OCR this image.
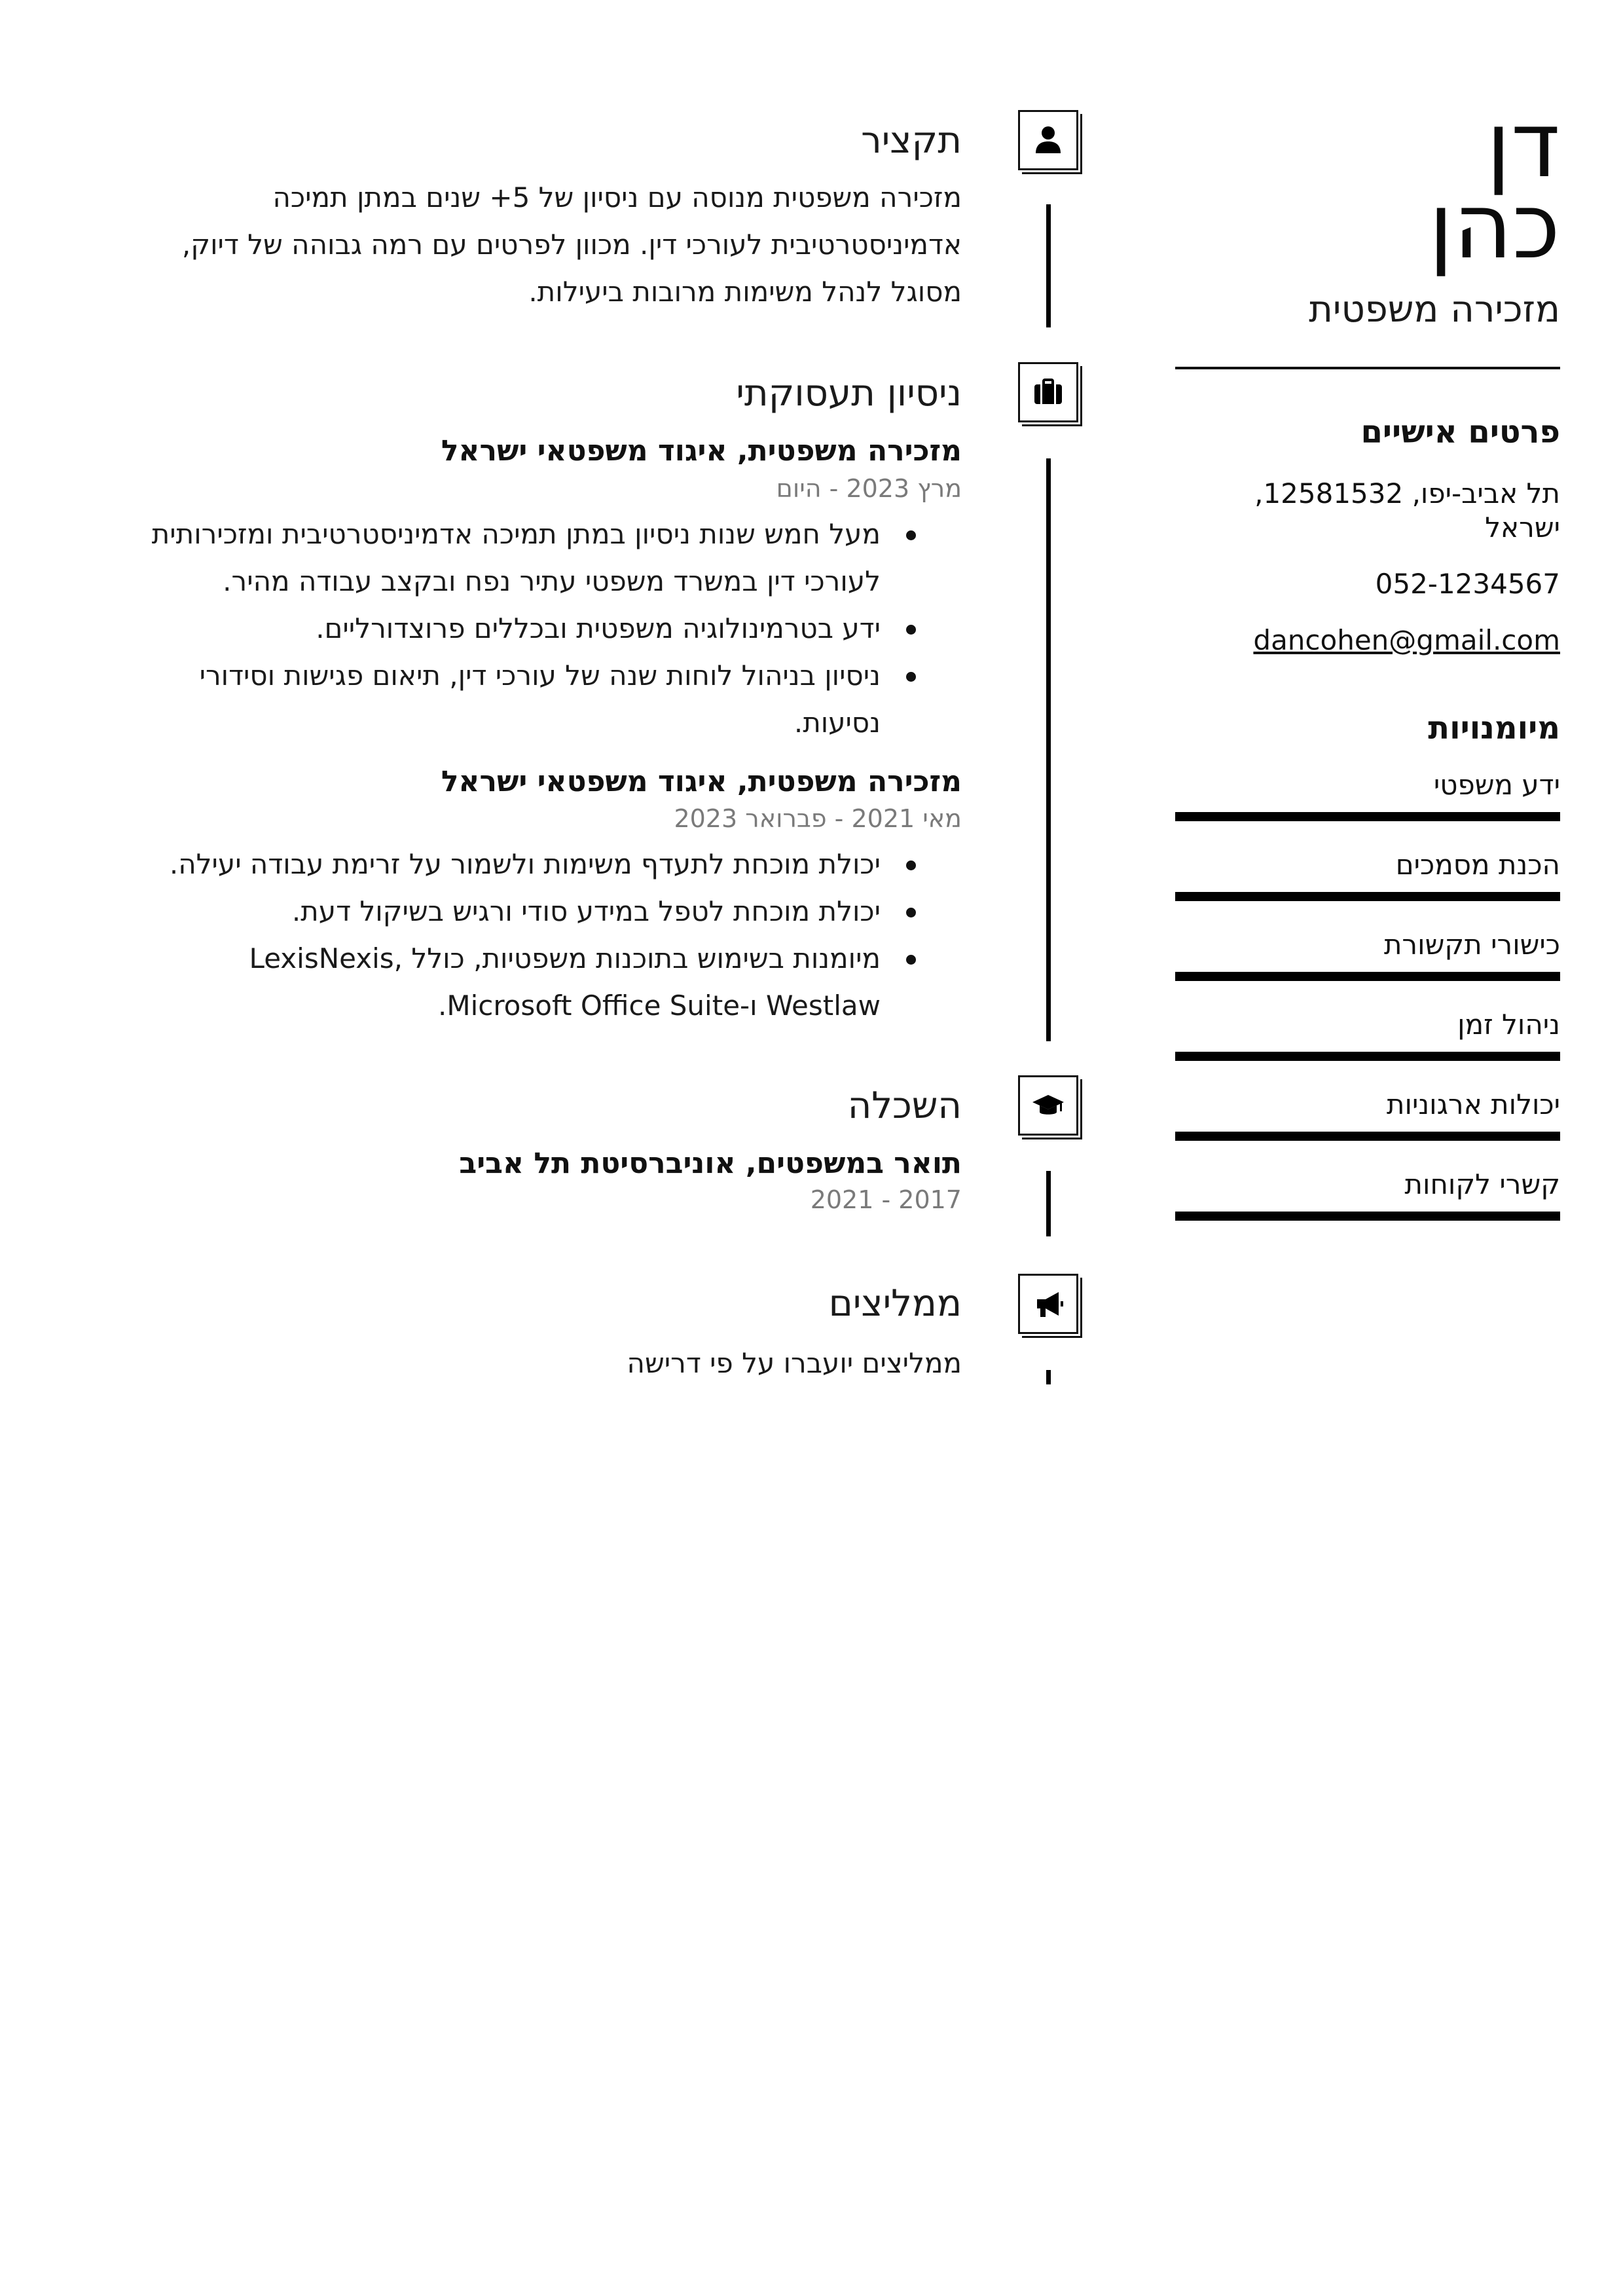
דן
כהן
מזכירה משפטית
פרטים אישיים
תל אביב-יפו, 12581532, ישראל
052-1234567
dancohen@gmail.com
מיומנויות
ידע משפטי
הכנת מסמכים
כישורי תקשורת
ניהול זמן
יכולות ארגוניות
קשרי לקוחות
תקציר
מזכירה משפטית מנוסה עם ניסיון של 5+ שנים במתן תמיכה אדמיניסטרטיבית לעורכי דין. מכוון לפרטים עם רמה גבוהה של דיוק, מסוגל לנהל משימות מרובות ביעילות.
ניסיון תעסוקתי
מזכירה משפטית, איגוד משפטאי ישראל
מרץ 2023 - היום
מעל חמש שנות ניסיון במתן תמיכה אדמיניסטרטיבית ומזכירותית לעורכי דין במשרד משפטי עתיר נפח ובקצב עבודה מהיר.
ידע בטרמינולוגיה משפטית ובכללים פרוצדורליים.
ניסיון בניהול לוחות שנה של עורכי דין, תיאום פגישות וסידורי נסיעות.
מזכירה משפטית, איגוד משפטאי ישראל
מאי 2021 - פברואר 2023
יכולת מוכחת לתעדף משימות ולשמור על זרימת עבודה יעילה.
יכולת מוכחת לטפל במידע סודי ורגיש בשיקול דעת.
מיומנות בשימוש בתוכנות משפטיות, כולל LexisNexis, Westlaw ו-Microsoft Office Suite.
השכלה
תואר במשפטים, אוניברסיטת תל אביב
2017 - 2021
ממליצים
ממליצים יועברו על פי דרישה
